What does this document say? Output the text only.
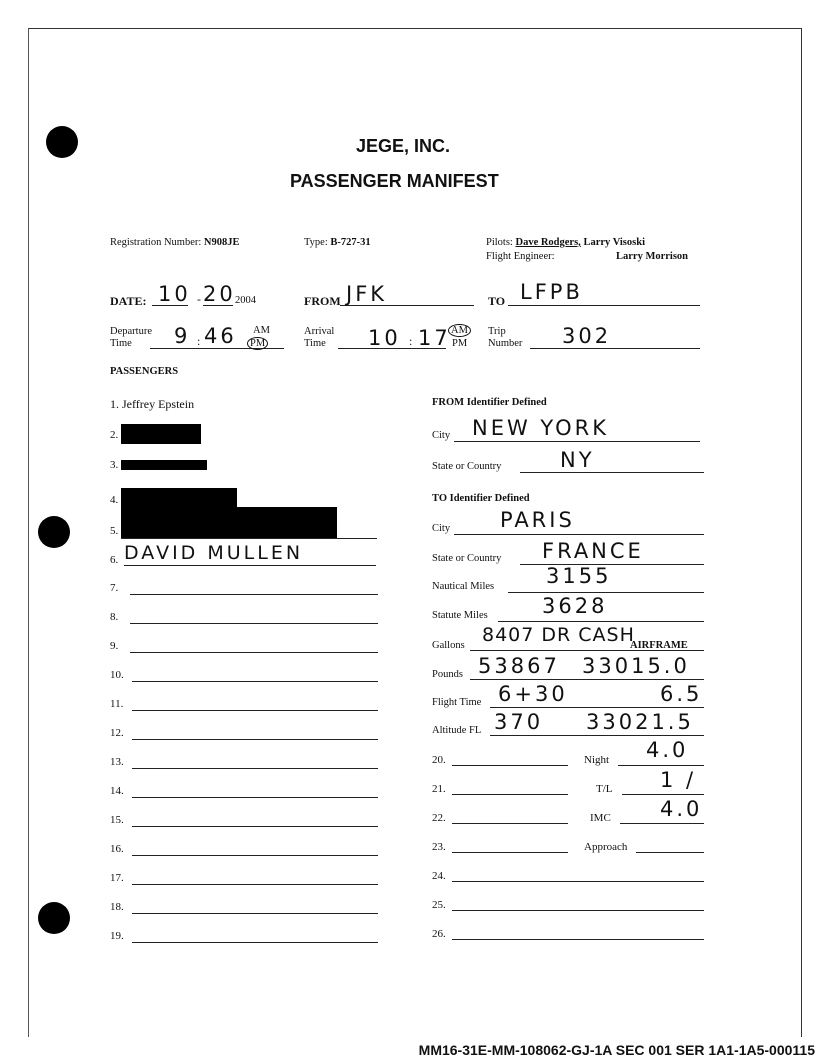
JEGE, INC.
PASSENGER MANIFEST
Registration Number: N908JE	Type: B-727-31	Pilots: Dave Rodgers, Larry Visoski
Flight Engineer:	Larry Morrison
DATE: 10 - 20 2004	FROM JFK	TO LFPB
Departure
Time 9 : 46 AM
PM
Arrival
Time 10 : 17 AM
PM
Trip
Number 302
PASSENGERS
1. Jeffrey Epstein
2.
3.
4.
5.
6. DAVID MULLEN
7.
8.
9.
10.
11.
12.
13.
14.
15.
16.
17.
18.
19.
FROM Identifier Defined
City NEW YORK
State or Country	NY
TO Identifier Defined
City PARIS
State or Country FRANCE
Nautical Miles 3155
Statute Miles	3628
Gallons 8407 DR CASH
AIRFRAME
Pounds 53867 33015.0
Flight Time 6+30	6.5
Altitude FL 370 33021.5
20.	Night 4.0
21.	T/L 1 /
22.	IMC 4.0
23.	Approach
24.
25.
26.
MM16-31E-MM-108062-GJ-1A SEC 001 SER 1A1-1A5-000115
